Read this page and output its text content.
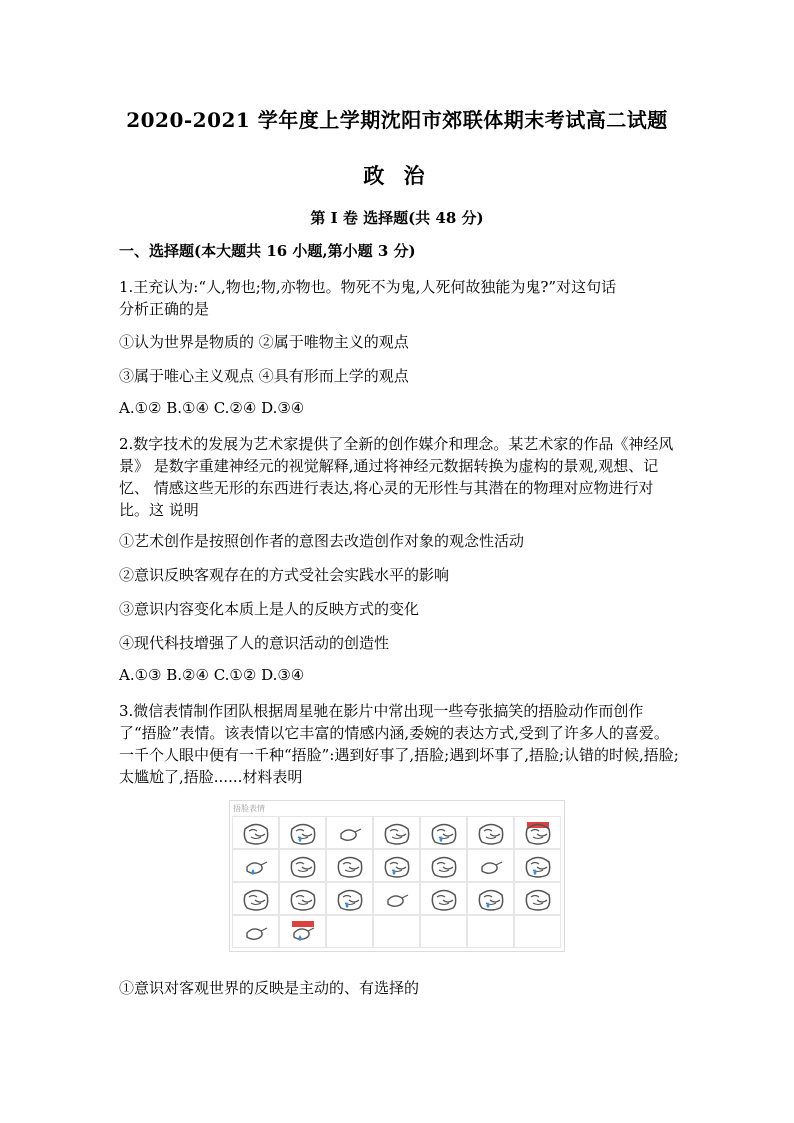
2020-2021 学年度上学期沈阳市郊联体期末考试高二试题
政 治
第 I 卷 选择题(共 48 分)
一、选择题(本大题共 16 小题,第小题 3 分)
1.王充认为:“人,物也;物,亦物也。物死不为鬼,人死何故独能为鬼?”对这句话
分析正确的是
①认为世界是物质的 ②属于唯物主义的观点
③属于唯心主义观点 ④具有形而上学的观点
A.①② B.①④ C.②④ D.③④
2.数字技术的发展为艺术家提供了全新的创作媒介和理念。某艺术家的作品《神经风景》 是数字重建神经元的视觉解释,通过将神经元数据转换为虚构的景观,观想、记忆、 情感这些无形的东西进行表达,将心灵的无形性与其潜在的物理对应物进行对比。这 说明
①艺术创作是按照创作者的意图去改造创作对象的观念性活动
②意识反映客观存在的方式受社会实践水平的影响
③意识内容变化本质上是人的反映方式的变化
④现代科技增强了人的意识活动的创造性
A.①③ B.②④ C.①② D.③④
3.微信表情制作团队根据周星驰在影片中常出现一些夸张搞笑的捂脸动作而创作了“捂脸”表情。该表情以它丰富的情感内涵,委婉的表达方式,受到了许多人的喜爱。一千个人眼中便有一千种“捂脸”:遇到好事了,捂脸;遇到坏事了,捂脸;认错的时候,捂脸;太尴尬了,捂脸......材料表明
捂脸表情
①意识对客观世界的反映是主动的、有选择的
